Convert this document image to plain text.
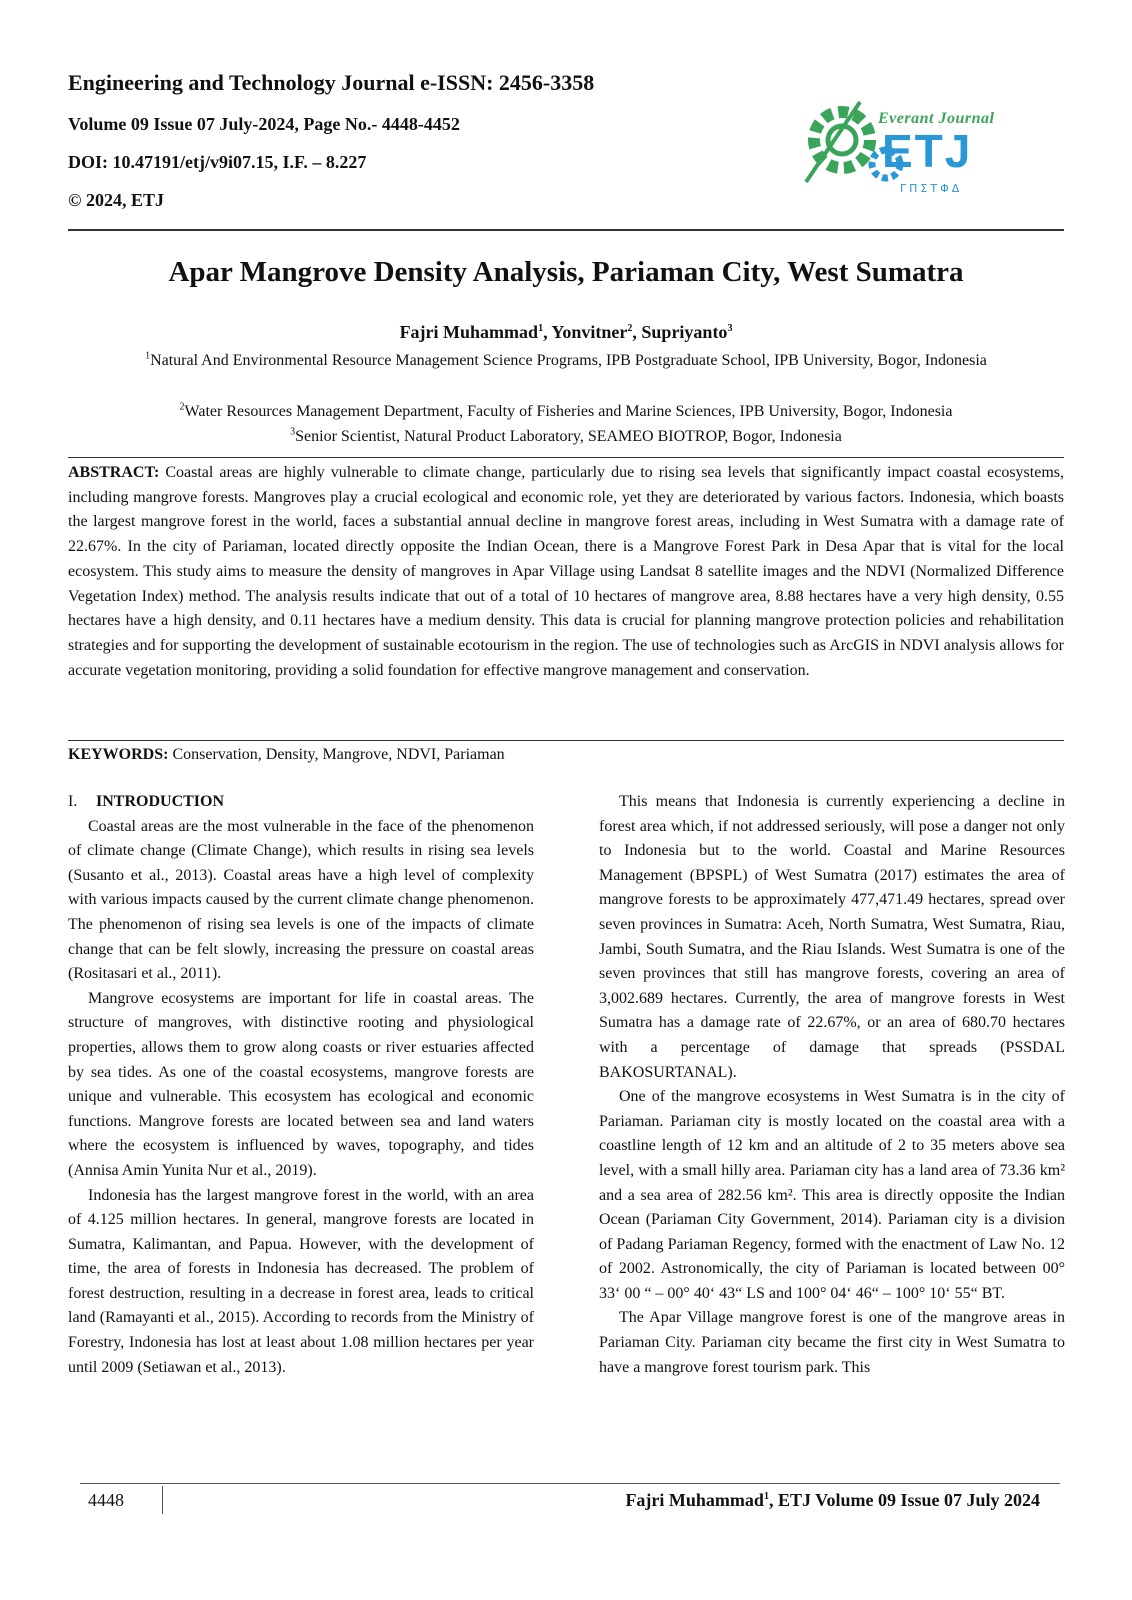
Engineering and Technology Journal e-ISSN: 2456-3358
Volume 09 Issue 07 July-2024, Page No.- 4448-4452
DOI: 10.47191/etj/v9i07.15, I.F. – 8.227
© 2024, ETJ
Everant Journal
ETJ
ΓΠΣΤΦΔ
Apar Mangrove Density Analysis, Pariaman City, West Sumatra
Fajri Muhammad$^1$, Yonvitner$^2$, Supriyanto$^3$
$^1$Natural And Environmental Resource Management Science Programs, IPB Postgraduate School, IPB University, Bogor, Indonesia
$^2$Water Resources Management Department, Faculty of Fisheries and Marine Sciences, IPB University, Bogor, Indonesia
$^3$Senior Scientist, Natural Product Laboratory, SEAMEO BIOTROP, Bogor, Indonesia
ABSTRACT: Coastal areas are highly vulnerable to climate change, particularly due to rising sea levels that significantly impact coastal ecosystems, including mangrove forests. Mangroves play a crucial ecological and economic role, yet they are deteriorated by various factors. Indonesia, which boasts the largest mangrove forest in the world, faces a substantial annual decline in mangrove forest areas, including in West Sumatra with a damage rate of 22.67%. In the city of Pariaman, located directly opposite the Indian Ocean, there is a Mangrove Forest Park in Desa Apar that is vital for the local ecosystem. This study aims to measure the density of mangroves in Apar Village using Landsat 8 satellite images and the NDVI (Normalized Difference Vegetation Index) method. The analysis results indicate that out of a total of 10 hectares of mangrove area, 8.88 hectares have a very high density, 0.55 hectares have a high density, and 0.11 hectares have a medium density. This data is crucial for planning mangrove protection policies and rehabilitation strategies and for supporting the development of sustainable ecotourism in the region. The use of technologies such as ArcGIS in NDVI analysis allows for accurate vegetation monitoring, providing a solid foundation for effective mangrove management and conservation.
KEYWORDS: Conservation, Density, Mangrove, NDVI, Pariaman
I. INTRODUCTION

Coastal areas are the most vulnerable in the face of the phenomenon of climate change (Climate Change), which results in rising sea levels (Susanto et al., 2013). Coastal areas have a high level of complexity with various impacts caused by the current climate change phenomenon. The phenomenon of rising sea levels is one of the impacts of climate change that can be felt slowly, increasing the pressure on coastal areas (Rositasari et al., 2011).

Mangrove ecosystems are important for life in coastal areas. The structure of mangroves, with distinctive rooting and physiological properties, allows them to grow along coasts or river estuaries affected by sea tides. As one of the coastal ecosystems, mangrove forests are unique and vulnerable. This ecosystem has ecological and economic functions. Mangrove forests are located between sea and land waters where the ecosystem is influenced by waves, topography, and tides (Annisa Amin Yunita Nur et al., 2019).

Indonesia has the largest mangrove forest in the world, with an area of 4.125 million hectares. In general, mangrove forests are located in Sumatra, Kalimantan, and Papua. However, with the development of time, the area of forests in Indonesia has decreased. The problem of forest destruction, resulting in a decrease in forest area, leads to critical land (Ramayanti et al., 2015). According to records from the Ministry of Forestry, Indonesia has lost at least about 1.08 million hectares per year until 2009 (Setiawan et al., 2013).

This means that Indonesia is currently experiencing a decline in forest area which, if not addressed seriously, will pose a danger not only to Indonesia but to the world. Coastal and Marine Resources Management (BPSPL) of West Sumatra (2017) estimates the area of mangrove forests to be approximately 477,471.49 hectares, spread over seven provinces in Sumatra: Aceh, North Sumatra, West Sumatra, Riau, Jambi, South Sumatra, and the Riau Islands. West Sumatra is one of the seven provinces that still has mangrove forests, covering an area of 3,002.689 hectares. Currently, the area of mangrove forests in West Sumatra has a damage rate of 22.67%, or an area of 680.70 hectares with a percentage of damage that spreads (PSSDAL BAKOSURTANAL).

One of the mangrove ecosystems in West Sumatra is in the city of Pariaman. Pariaman city is mostly located on the coastal area with a coastline length of 12 km and an altitude of 2 to 35 meters above sea level, with a small hilly area. Pariaman city has a land area of 73.36 km² and a sea area of 282.56 km². This area is directly opposite the Indian Ocean (Pariaman City Government, 2014). Pariaman city is a division of Padang Pariaman Regency, formed with the enactment of Law No. 12 of 2002. Astronomically, the city of Pariaman is located between 00° 33‘ 00 “ – 00° 40‘ 43“ LS and 100° 04‘ 46“ – 100° 10‘ 55“ BT.

The Apar Village mangrove forest is one of the mangrove areas in Pariaman City. Pariaman city became the first city in West Sumatra to have a mangrove forest tourism park. This

4448	Fajri Muhammad$^1$, ETJ Volume 09 Issue 07 July 2024
